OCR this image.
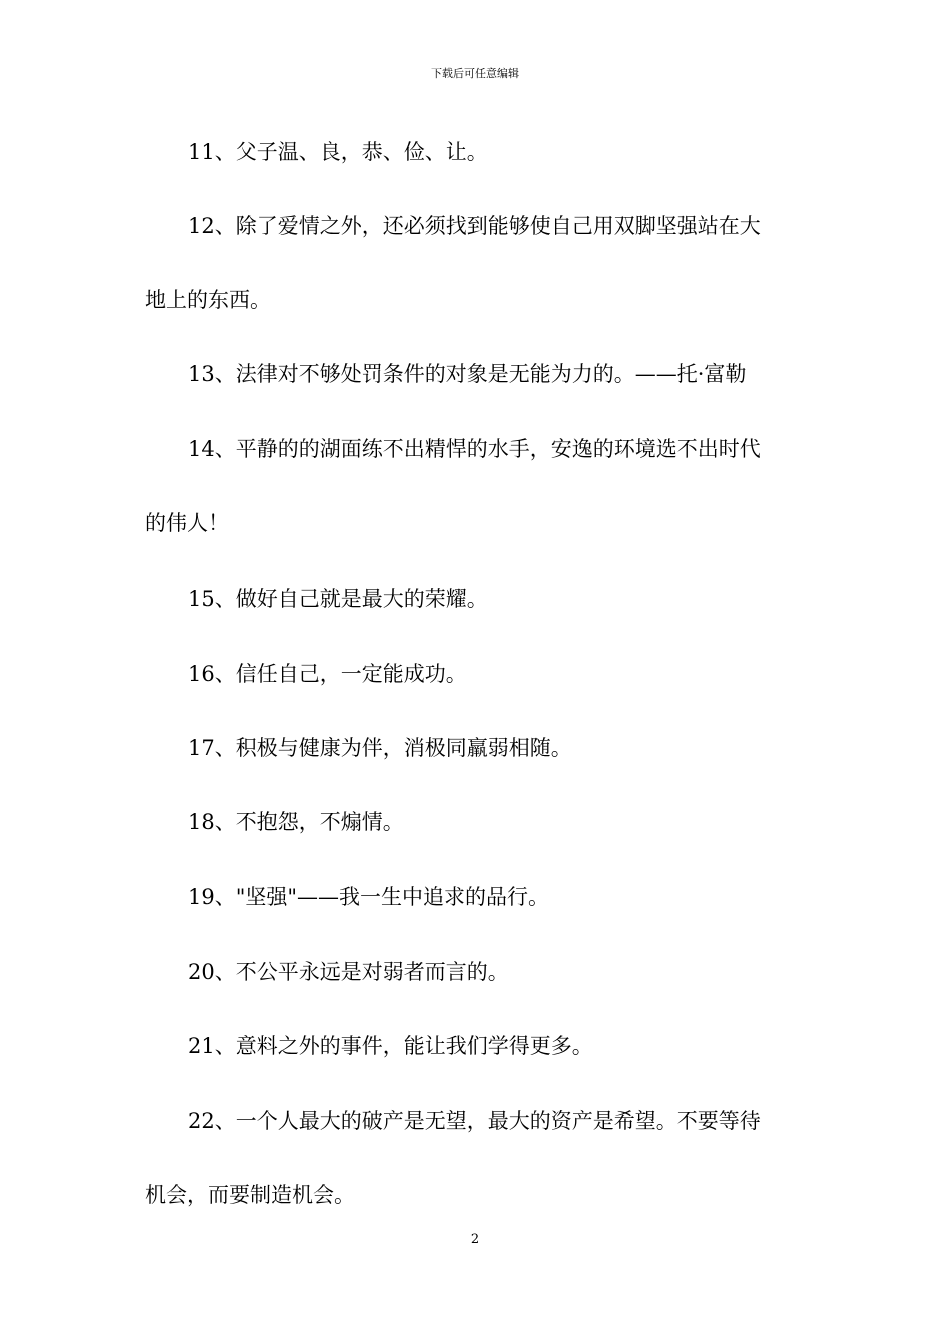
下载后可任意编辑
11、父子温、良，恭、俭、让。
12、除了爱情之外，还必须找到能够使自己用双脚坚强站在大
地上的东西。
13、法律对不够处罚条件的对象是无能为力的。——托·富勒
14、平静的的湖面练不出精悍的水手，安逸的环境选不出时代
的伟人！
15、做好自己就是最大的荣耀。
16、信任自己，一定能成功。
17、积极与健康为伴，消极同羸弱相随。
18、不抱怨，不煽情。
19、"坚强"——我一生中追求的品行。
20、不公平永远是对弱者而言的。
21、意料之外的事件，能让我们学得更多。
22、一个人最大的破产是无望，最大的资产是希望。不要等待
机会，而要制造机会。
2
